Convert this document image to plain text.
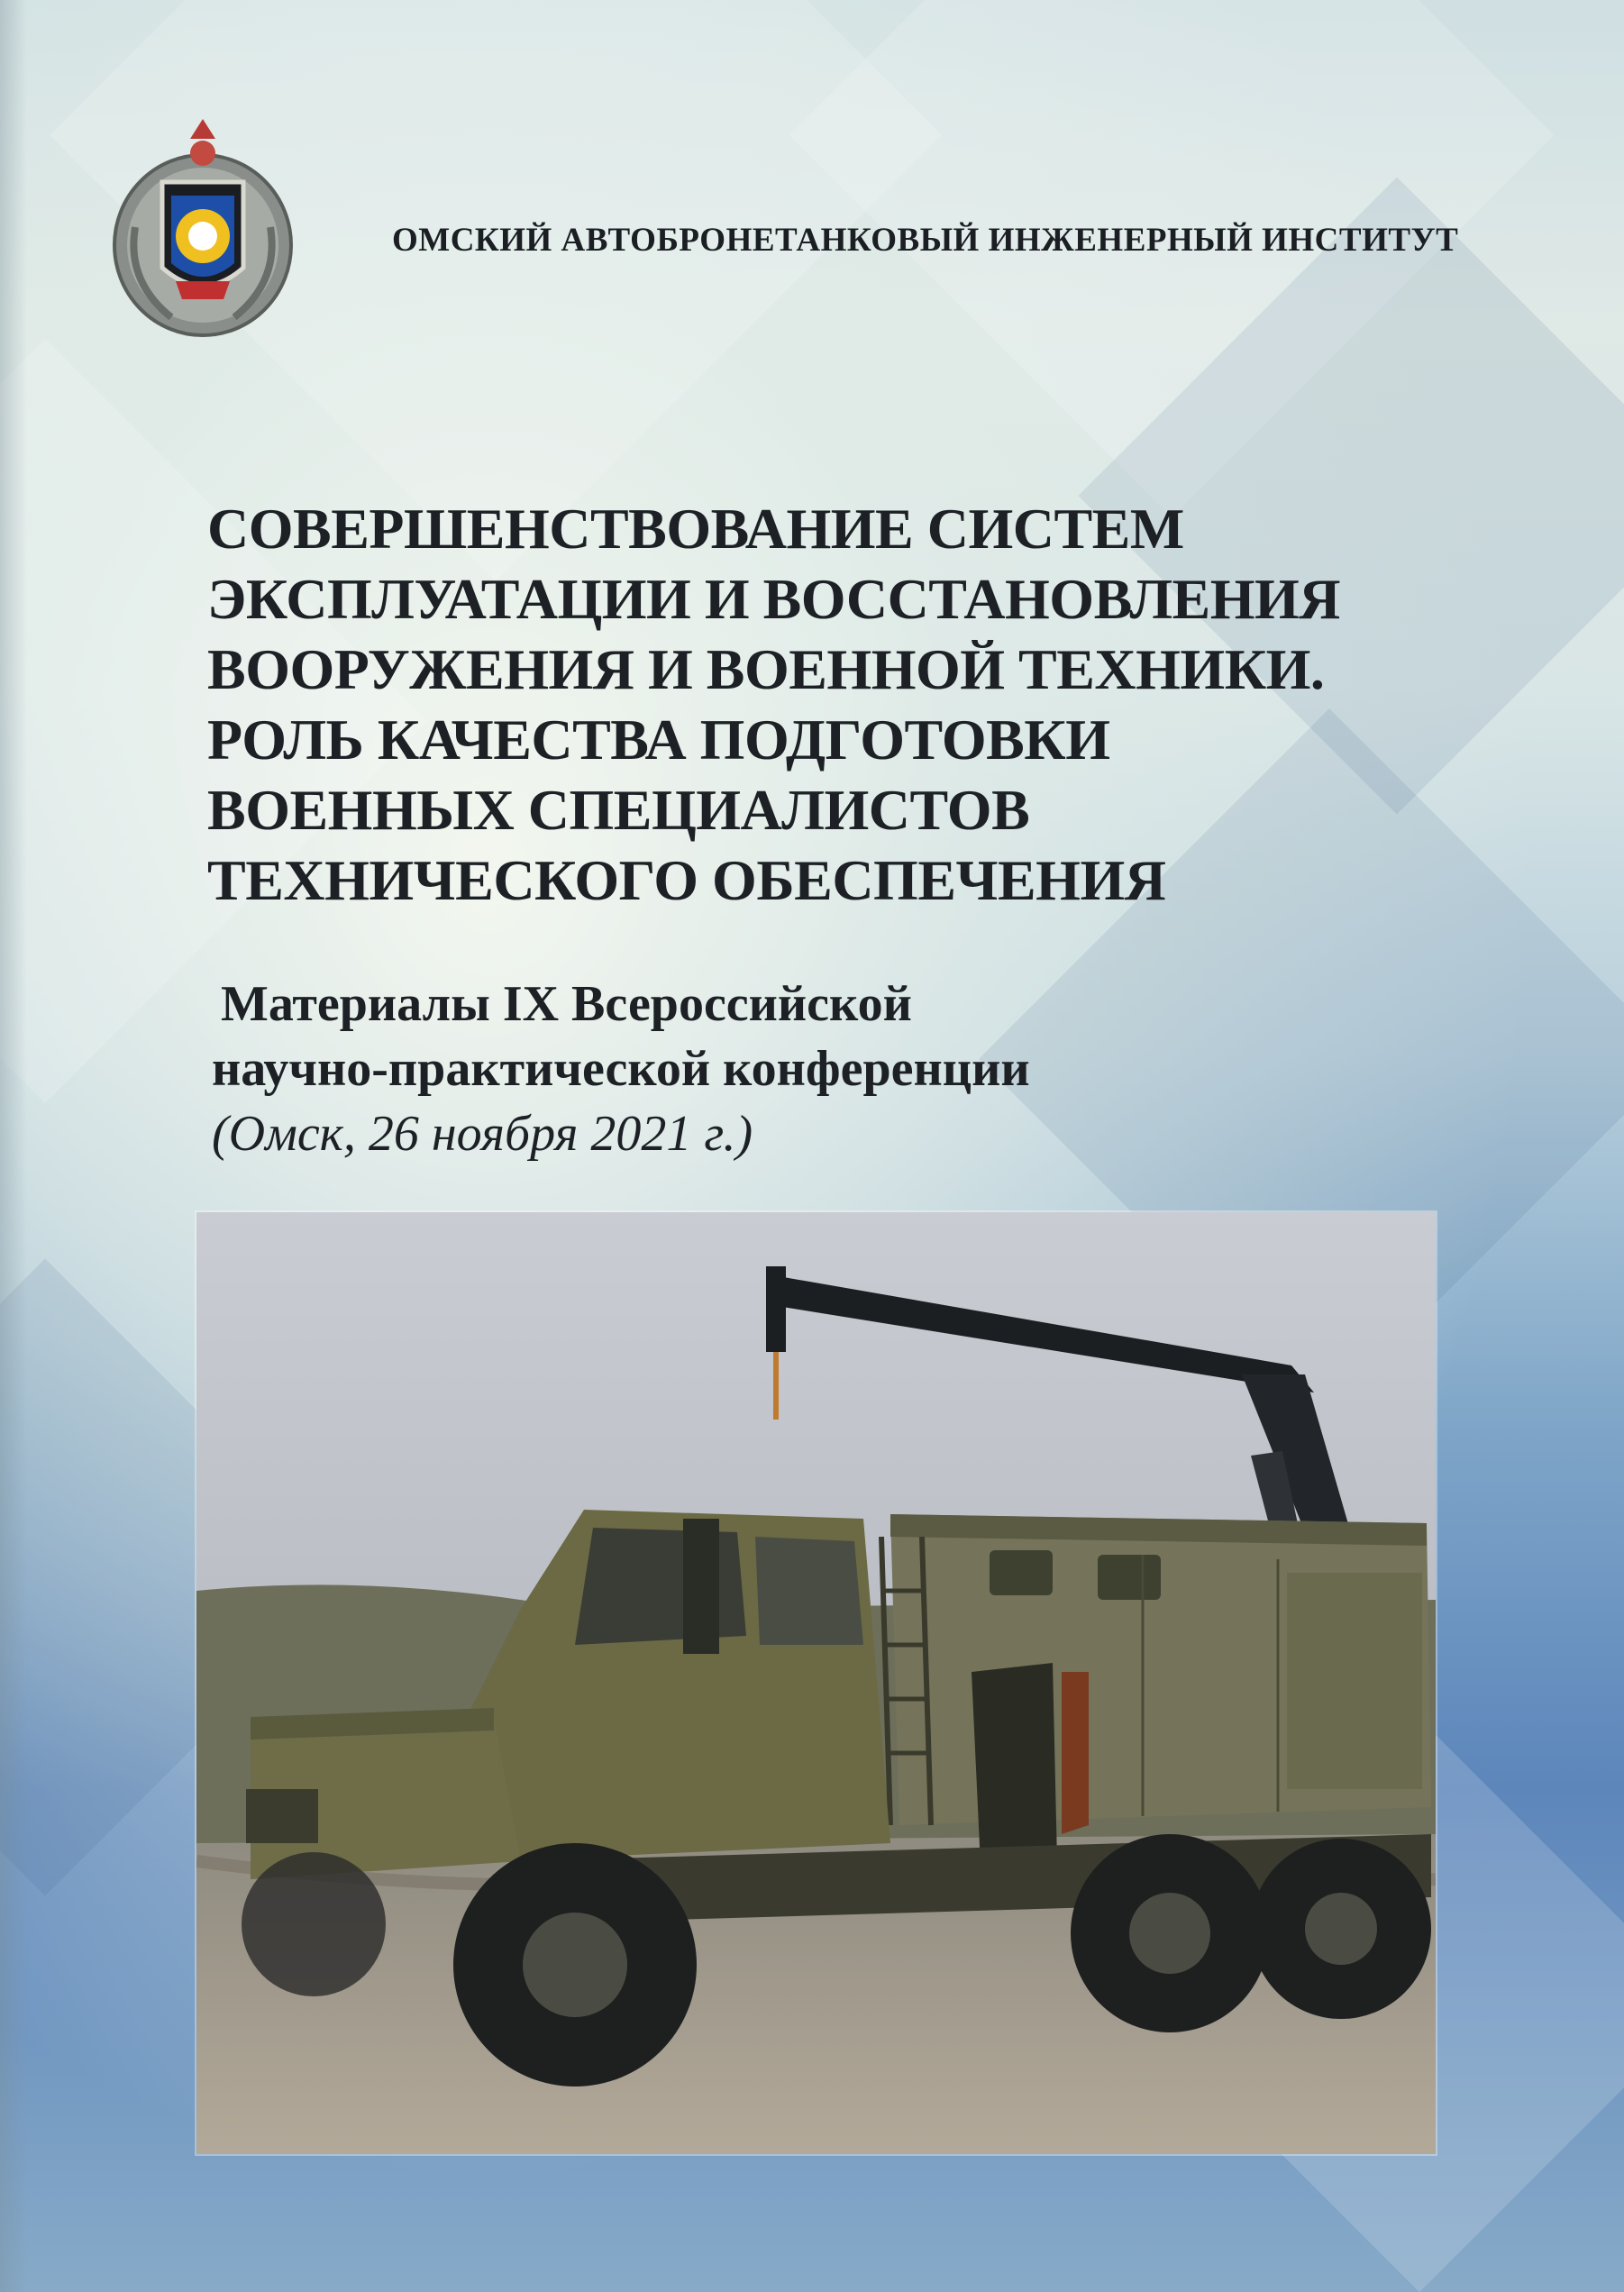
ОМСКИЙ АВТОБРОНЕТАНКОВЫЙ ИНЖЕНЕРНЫЙ ИНСТИТУТ
СОВЕРШЕНСТВОВАНИЕ СИСТЕМ
ЭКСПЛУАТАЦИИ И ВОССТАНОВЛЕНИЯ
ВООРУЖЕНИЯ И ВОЕННОЙ ТЕХНИКИ.
РОЛЬ КАЧЕСТВА ПОДГОТОВКИ
ВОЕННЫХ СПЕЦИАЛИСТОВ
ТЕХНИЧЕСКОГО ОБЕСПЕЧЕНИЯ
Материалы IX Всероссийской
научно-практической конференции
(Омск, 26 ноября 2021 г.)
